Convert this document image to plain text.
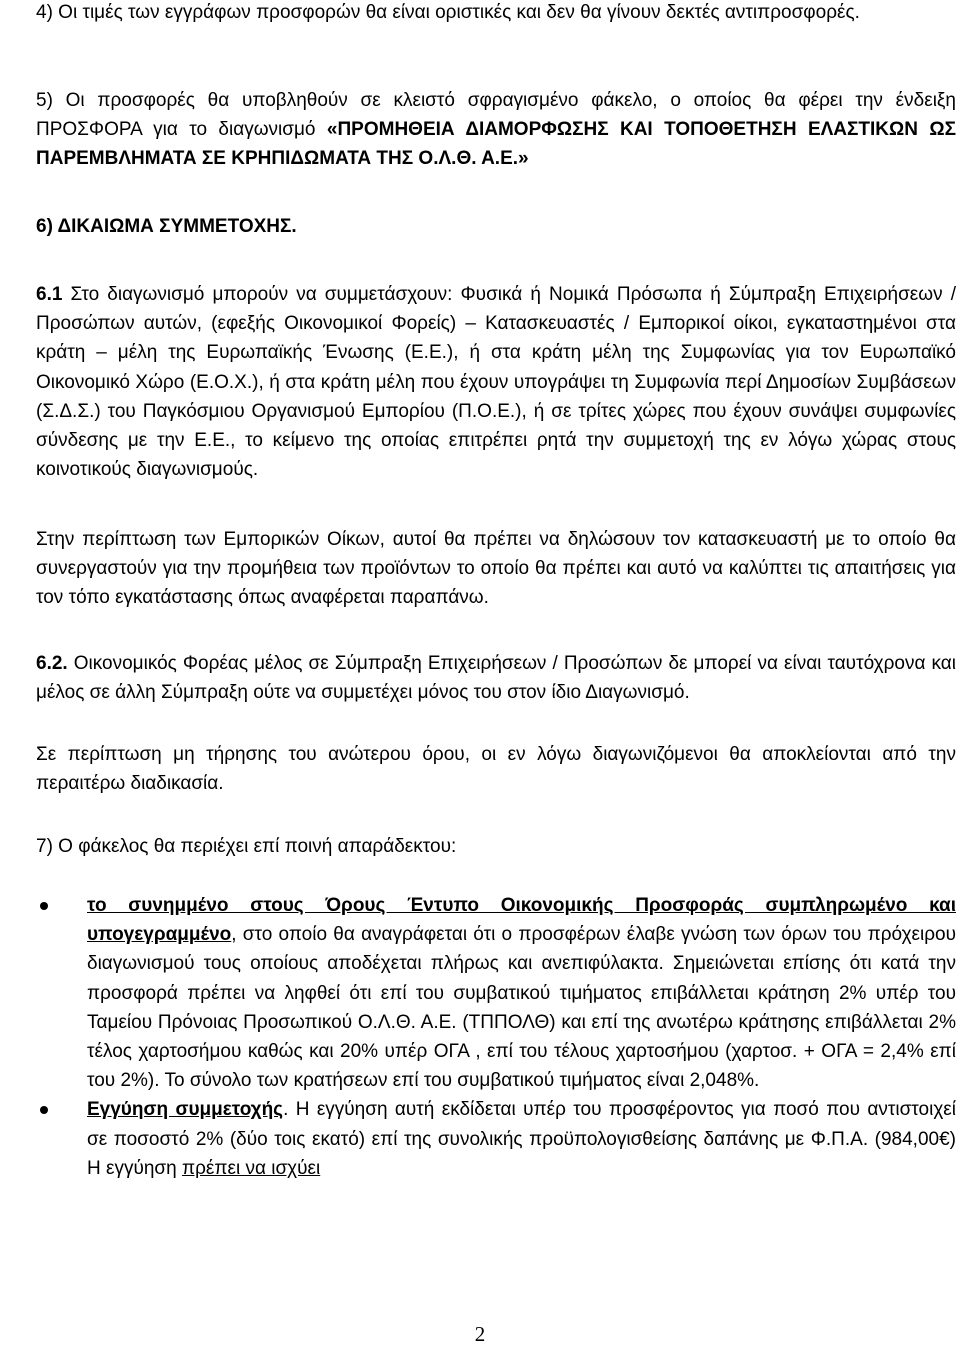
4) Οι τιμές των εγγράφων προσφορών θα είναι οριστικές και δεν θα γίνουν δεκτές αντιπροσφορές.

5) Οι προσφορές θα υποβληθούν σε κλειστό σφραγισμένο φάκελο, ο οποίος θα φέρει την ένδειξη ΠΡΟΣΦΟΡΑ για το διαγωνισμό «ΠΡΟΜΗΘΕΙΑ ΔΙΑΜΟΡΦΩΣΗΣ ΚΑΙ ΤΟΠΟΘΕΤΗΣΗ ΕΛΑΣΤΙΚΩΝ ΩΣ ΠΑΡΕΜΒΛΗΜΑΤΑ ΣΕ ΚΡΗΠΙΔΩΜΑΤΑ ΤΗΣ Ο.Λ.Θ. Α.Ε.»

6) ΔΙΚΑΙΩΜΑ ΣΥΜΜΕΤΟΧΗΣ.

6.1 Στο διαγωνισμό μπορούν να συμμετάσχουν: Φυσικά ή Νομικά Πρόσωπα ή Σύμπραξη Επιχειρήσεων / Προσώπων αυτών, (εφεξής Οικονομικοί Φορείς) – Κατασκευαστές / Εμπορικοί οίκοι, εγκαταστημένοι στα κράτη – μέλη της Ευρωπαϊκής Ένωσης (Ε.Ε.), ή στα κράτη μέλη της Συμφωνίας για τον Ευρωπαϊκό Οικονομικό Χώρο (Ε.Ο.Χ.), ή στα κράτη μέλη που έχουν υπογράψει τη Συμφωνία περί Δημοσίων Συμβάσεων (Σ.Δ.Σ.) του Παγκόσμιου Οργανισμού Εμπορίου (Π.Ο.Ε.), ή σε τρίτες χώρες που έχουν συνάψει συμφωνίες σύνδεσης με την Ε.Ε., το κείμενο της οποίας επιτρέπει ρητά την συμμετοχή της εν λόγω χώρας στους κοινοτικούς διαγωνισμούς.

Στην περίπτωση των Εμπορικών Οίκων, αυτοί θα πρέπει να δηλώσουν τον κατασκευαστή με το οποίο θα συνεργαστούν για την προμήθεια των προϊόντων το οποίο θα πρέπει και αυτό να καλύπτει τις απαιτήσεις για τον τόπο εγκατάστασης όπως αναφέρεται παραπάνω.

6.2. Οικονομικός Φορέας μέλος σε Σύμπραξη Επιχειρήσεων / Προσώπων δε μπορεί να είναι ταυτόχρονα και μέλος σε άλλη Σύμπραξη ούτε να συμμετέχει μόνος του στον ίδιο Διαγωνισμό.

Σε περίπτωση μη τήρησης του ανώτερου όρου, οι εν λόγω διαγωνιζόμενοι θα αποκλείονται από την περαιτέρω διαδικασία.

7) Ο φάκελος θα περιέχει επί ποινή απαράδεκτου:

το συνημμένο στους Όρους Έντυπο Οικονομικής Προσφοράς συμπληρωμένο και υπογεγραμμένο, στο οποίο θα αναγράφεται ότι ο προσφέρων έλαβε γνώση των όρων του πρόχειρου διαγωνισμού τους οποίους αποδέχεται πλήρως και ανεπιφύλακτα. Σημειώνεται επίσης ότι κατά την προσφορά πρέπει να ληφθεί ότι επί του συμβατικού τιμήματος επιβάλλεται κράτηση 2% υπέρ του Ταμείου Πρόνοιας Προσωπικού Ο.Λ.Θ. Α.Ε. (ΤΠΠΟΛΘ) και επί της ανωτέρω κράτησης επιβάλλεται 2% τέλος χαρτοσήμου καθώς και 20% υπέρ ΟΓΑ , επί του τέλους χαρτοσήμου (χαρτοσ. + ΟΓΑ = 2,4% επί του 2%). Το σύνολο των κρατήσεων επί του συμβατικού τιμήματος είναι 2,048%.

Εγγύηση συμμετοχής. Η εγγύηση αυτή εκδίδεται υπέρ του προσφέροντος για ποσό που αντιστοιχεί σε ποσοστό 2% (δύο τοις εκατό) επί της συνολικής προϋπολογισθείσης δαπάνης με Φ.Π.Α. (984,00€) Η εγγύηση πρέπει να ισχύει

2
